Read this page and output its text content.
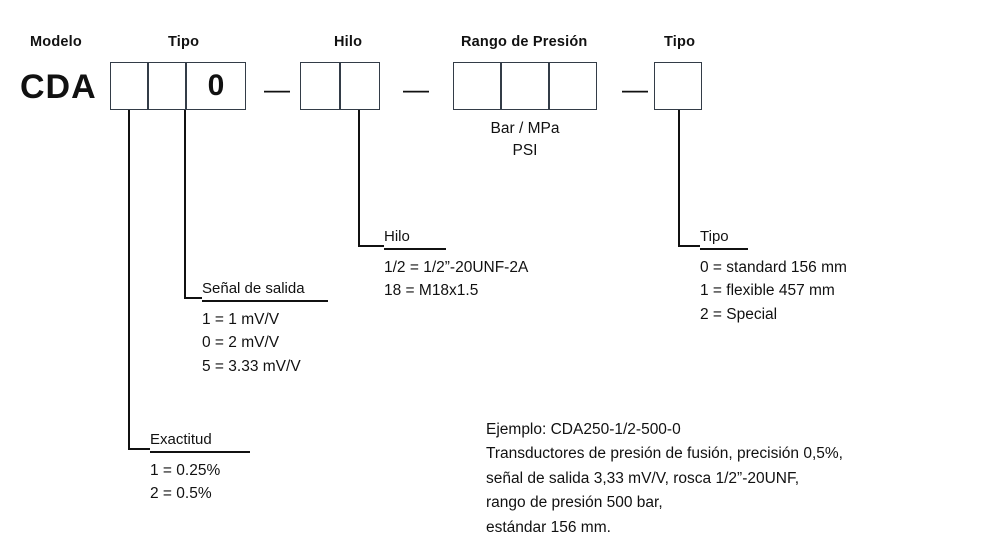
Modelo	Tipo	Hilo	Rango de Presión	Tipo
CDA	0	—	—	—
Bar / MPa
PSI
Hilo
1/2 = 1/2”-20UNF-2A
18 = M18x1.5
Tipo
0 = standard 156 mm
1 = flexible 457 mm
2 = Special
Señal de salida
1 = 1 mV/V
0 = 2 mV/V
5 = 3.33 mV/V
Exactitud
1 = 0.25%
2 = 0.5%
Ejemplo: CDA250-1/2-500-0
Transductores de presión de fusión, precisión 0,5%,
señal de salida 3,33 mV/V, rosca 1/2”-20UNF,
rango de presión 500 bar,
estándar 156 mm.
